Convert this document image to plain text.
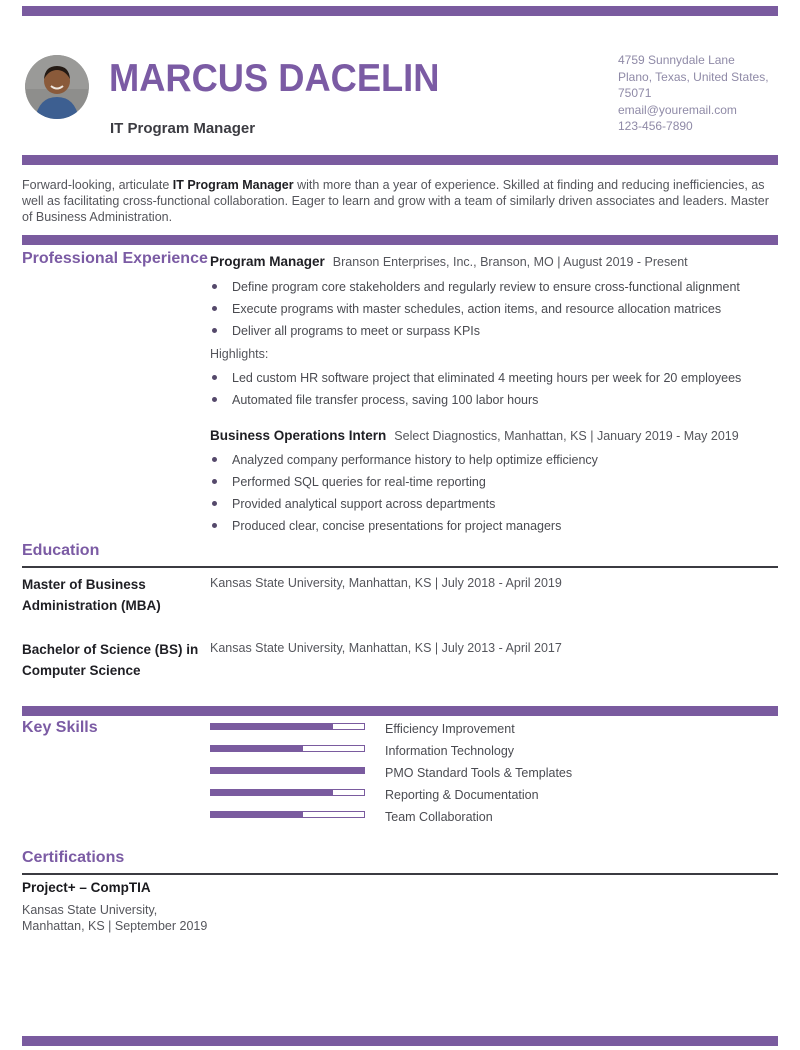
MARCUS DACELIN
IT Program Manager
4759 Sunnydale Lane
Plano, Texas, United States,
75071
email@youremail.com
123-456-7890

Forward-looking, articulate IT Program Manager with more than a year of experience. Skilled at finding and reducing inefficiencies, as well as facilitating cross-functional collaboration. Eager to learn and grow with a team of similarly driven associates and leaders. Master of Business Administration.

Professional Experience Program Manager Branson Enterprises, Inc., Branson, MO | August 2019 - Present
Define program core stakeholders and regularly review to ensure cross-functional alignment
Execute programs with master schedules, action items, and resource allocation matrices
Deliver all programs to meet or surpass KPIs
Highlights:
Led custom HR software project that eliminated 4 meeting hours per week for 20 employees
Automated file transfer process, saving 100 labor hours
Business Operations Intern Select Diagnostics, Manhattan, KS | January 2019 - May 2019
Analyzed company performance history to help optimize efficiency
Performed SQL queries for real-time reporting
Provided analytical support across departments
Produced clear, concise presentations for project managers
Education
Master of Business Administration (MBA)
Kansas State University, Manhattan, KS | July 2018 - April 2019
Bachelor of Science (BS) in Computer Science
Kansas State University, Manhattan, KS | July 2013 - April 2017
Key Skills	Efficiency Improvement
Information Technology
PMO Standard Tools & Templates
Reporting & Documentation
Team Collaboration
Certifications
Project+ – CompTIA
Kansas State University,
Manhattan, KS | September 2019
